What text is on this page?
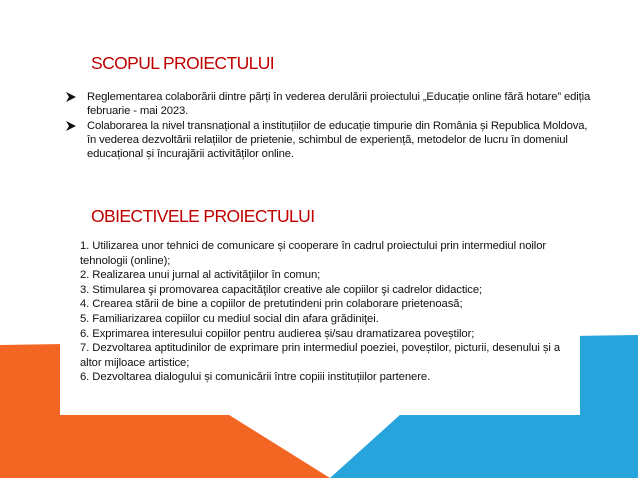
SCOPUL PROIECTULUI
Reglementarea colaborării dintre părți în vederea derulării proiectului „Educație online fără hotare” ediția februarie - mai 2023.
Colaborarea la nivel transnațional a instituțiilor de educație timpurie din România și Republica Moldova, în vederea dezvoltării relațiilor de prietenie, schimbul de experiență, metodelor de lucru în domeniul educațional și încurajării activităților online.
OBIECTIVELE PROIECTULUI
1. Utilizarea unor tehnici de comunicare și cooperare în cadrul proiectului prin intermediul noilor tehnologii (online);
2. Realizarea unui jurnal al activităţiilor în comun;
3. Stimularea şi promovarea capacităţilor creative ale copiilor şi cadrelor didactice;
4. Crearea stării de bine a copiilor de pretutindeni prin colaborare prietenoasă;
5. Familiarizarea copiilor cu mediul social din afara grădiniţei.
6. Exprimarea interesului copiilor pentru audierea și/sau dramatizarea poveștilor;
7. Dezvoltarea aptitudinilor de exprimare prin intermediul poeziei, poveștilor, picturii, desenului și a altor mijloace artistice;
6. Dezvoltarea dialogului și comunicării între copiii instituțiilor partenere.
